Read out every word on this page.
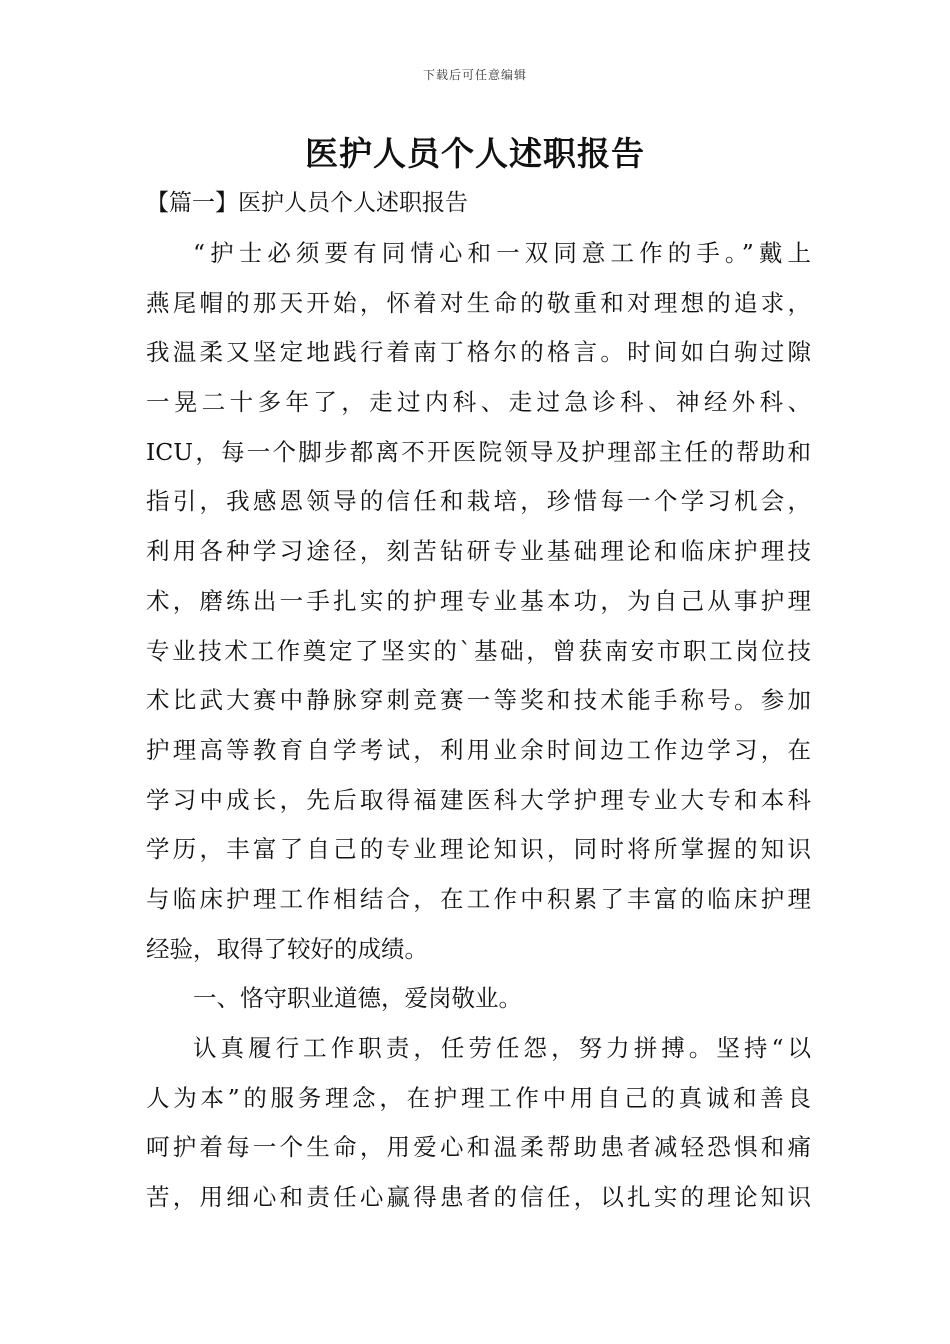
下载后可任意编辑
医护人员个人述职报告
【篇一】医护人员个人述职报告
“护士必须要有同情心和一双同意工作的手。”戴上
燕尾帽的那天开始，怀着对生命的敬重和对理想的追求，
我温柔又坚定地践行着南丁格尔的格言。时间如白驹过隙
一晃二十多年了，走过内科、走过急诊科、神经外科、
ICU，每一个脚步都离不开医院领导及护理部主任的帮助和
指引，我感恩领导的信任和栽培，珍惜每一个学习机会，
利用各种学习途径，刻苦钻研专业基础理论和临床护理技
术，磨练出一手扎实的护理专业基本功，为自己从事护理
专业技术工作奠定了坚实的`基础，曾获南安市职工岗位技
术比武大赛中静脉穿刺竞赛一等奖和技术能手称号。参加
护理高等教育自学考试，利用业余时间边工作边学习，在
学习中成长，先后取得福建医科大学护理专业大专和本科
学历，丰富了自己的专业理论知识，同时将所掌握的知识
与临床护理工作相结合，在工作中积累了丰富的临床护理
经验，取得了较好的成绩。
一、恪守职业道德，爱岗敬业。
认真履行工作职责，任劳任怨，努力拼搏。坚持“以
人为本”的服务理念，在护理工作中用自己的真诚和善良
呵护着每一个生命，用爱心和温柔帮助患者减轻恐惧和痛
苦，用细心和责任心赢得患者的信任，以扎实的理论知识
